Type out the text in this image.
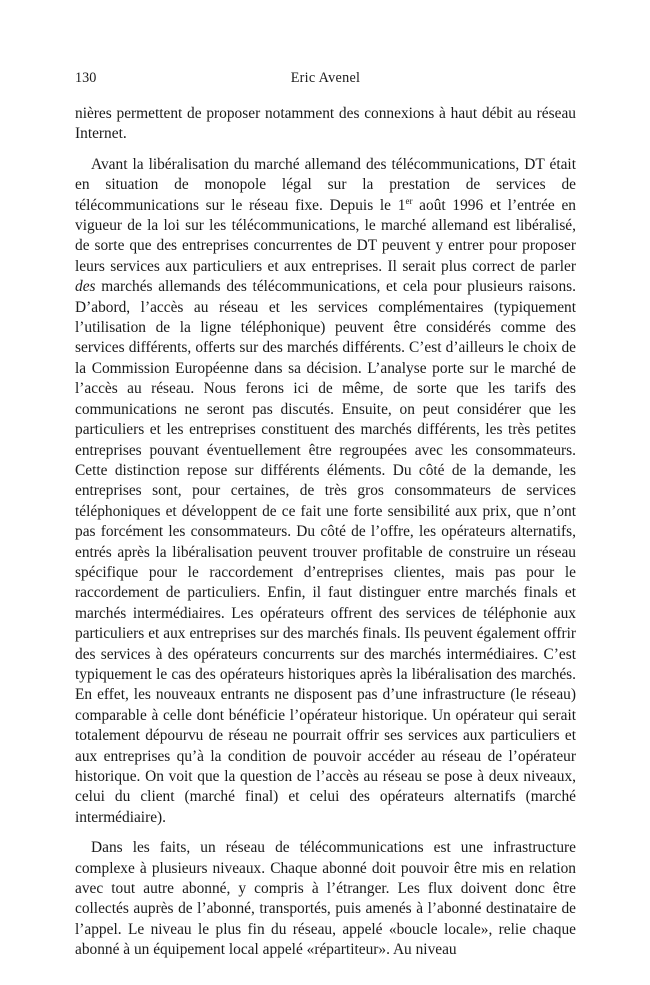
130	Eric Avenel

nières permettent de proposer notamment des connexions à haut débit au réseau Internet.

Avant la libéralisation du marché allemand des télécommunications, DT était en situation de monopole légal sur la prestation de services de télécommunications sur le réseau fixe. Depuis le 1er août 1996 et l’entrée en vigueur de la loi sur les télécommunications, le marché allemand est libéralisé, de sorte que des entreprises concurrentes de DT peuvent y entrer pour proposer leurs services aux particuliers et aux entreprises. Il serait plus correct de parler des marchés allemands des télécommunications, et cela pour plusieurs raisons. D’abord, l’accès au réseau et les services complémentaires (typiquement l’utilisation de la ligne téléphonique) peuvent être considérés comme des services différents, offerts sur des marchés différents. C’est d’ailleurs le choix de la Commission Européenne dans sa décision. L’analyse porte sur le marché de l’accès au réseau. Nous ferons ici de même, de sorte que les tarifs des communications ne seront pas discutés. Ensuite, on peut considérer que les particuliers et les entreprises constituent des marchés différents, les très petites entreprises pouvant éventuellement être regroupées avec les consommateurs. Cette distinction repose sur différents éléments. Du côté de la demande, les entreprises sont, pour certaines, de très gros consommateurs de services téléphoniques et développent de ce fait une forte sensibilité aux prix, que n’ont pas forcément les consommateurs. Du côté de l’offre, les opérateurs alternatifs, entrés après la libéralisation peuvent trouver profitable de construire un réseau spécifique pour le raccordement d’entreprises clientes, mais pas pour le raccordement de particuliers. Enfin, il faut distinguer entre marchés finals et marchés intermédiaires. Les opérateurs offrent des services de téléphonie aux particuliers et aux entreprises sur des marchés finals. Ils peuvent également offrir des services à des opérateurs concurrents sur des marchés intermédiaires. C’est typiquement le cas des opérateurs historiques après la libéralisation des marchés. En effet, les nouveaux entrants ne disposent pas d’une infrastructure (le réseau) comparable à celle dont bénéficie l’opérateur historique. Un opérateur qui serait totalement dépourvu de réseau ne pourrait offrir ses services aux particuliers et aux entreprises qu’à la condition de pouvoir accéder au réseau de l’opérateur historique. On voit que la question de l’accès au réseau se pose à deux niveaux, celui du client (marché final) et celui des opérateurs alternatifs (marché intermédiaire).

Dans les faits, un réseau de télécommunications est une infrastructure complexe à plusieurs niveaux. Chaque abonné doit pouvoir être mis en relation avec tout autre abonné, y compris à l’étranger. Les flux doivent donc être collectés auprès de l’abonné, transportés, puis amenés à l’abonné destinataire de l’appel. Le niveau le plus fin du réseau, appelé «boucle locale», relie chaque abonné à un équipement local appelé «répartiteur». Au niveau
